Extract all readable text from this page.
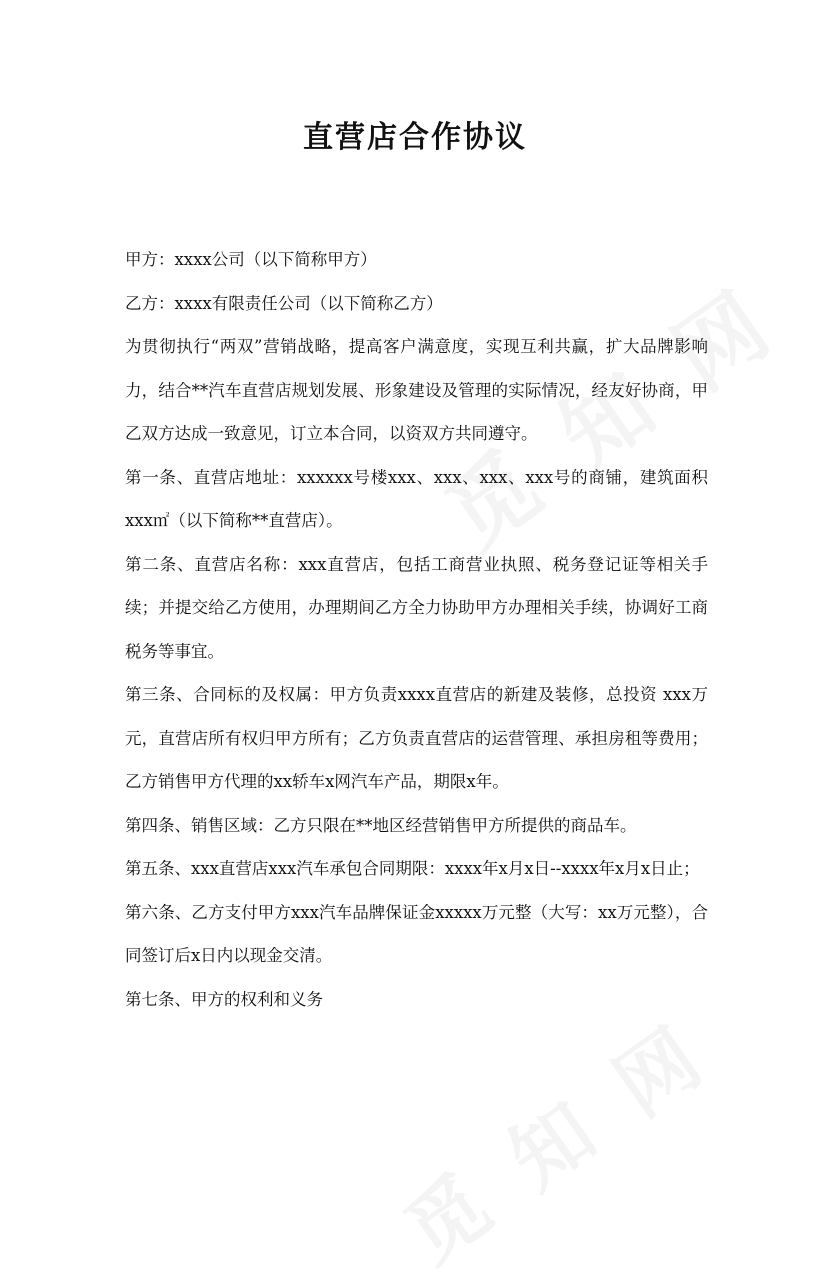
直营店合作协议

甲方：xxxx公司（以下简称甲方）

乙方：xxxx有限责任公司（以下简称乙方）

为贯彻执行“两双”营销战略，提高客户满意度，实现互利共赢，扩大品牌影响力，结合**汽车直营店规划发展、形象建设及管理的实际情况，经友好协商，甲乙双方达成一致意见，订立本合同，以资双方共同遵守。

第一条、直营店地址：xxxxxx号楼xxx、xxx、xxx、xxx号的商铺，建筑面积xxx㎡（以下简称**直营店）。

第二条、直营店名称：xxx直营店，包括工商营业执照、税务登记证等相关手续；并提交给乙方使用，办理期间乙方全力协助甲方办理相关手续，协调好工商税务等事宜。

第三条、合同标的及权属：甲方负责xxxx直营店的新建及装修，总投资 xxx万元，直营店所有权归甲方所有；乙方负责直营店的运营管理、承担房租等费用；乙方销售甲方代理的xx轿车x网汽车产品，期限x年。

第四条、销售区域：乙方只限在**地区经营销售甲方所提供的商品车。

第五条、xxx直营店xxx汽车承包合同期限：xxxx年x月x日--xxxx年x月x日止；

第六条、乙方支付甲方xxx汽车品牌保证金xxxxx万元整（大写：xx万元整），合同签订后x日内以现金交清。

第七条、甲方的权利和义务
